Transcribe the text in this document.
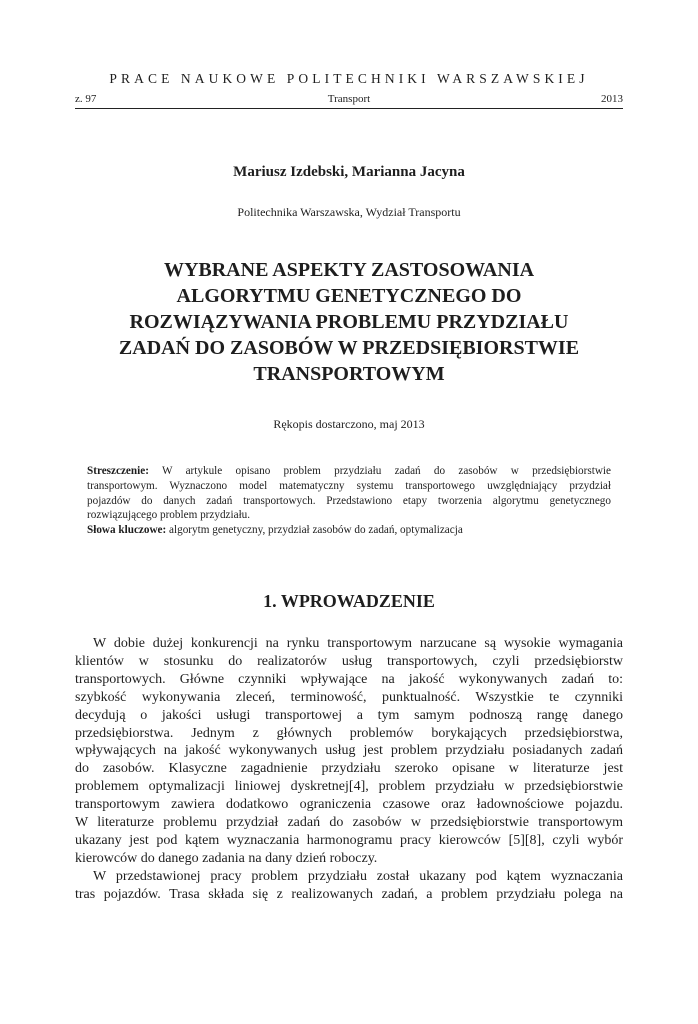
PRACE NAUKOWE POLITECHNIKI WARSZAWSKIEJ
z. 97	Transport	2013
Mariusz Izdebski, Marianna Jacyna
Politechnika Warszawska, Wydział Transportu
WYBRANE ASPEKTY ZASTOSOWANIA
ALGORYTMU GENETYCZNEGO DO
ROZWIĄZYWANIA PROBLEMU PRZYDZIAŁU
ZADAŃ DO ZASOBÓW W PRZEDSIĘBIORSTWIE
TRANSPORTOWYM
Rękopis dostarczono, maj 2013
Streszczenie: W artykule opisano problem przydziału zadań do zasobów w przedsiębiorstwie
transportowym. Wyznaczono model matematyczny systemu transportowego uwzględniający przydział
pojazdów do danych zadań transportowych. Przedstawiono etapy tworzenia algorytmu genetycznego
rozwiązującego problem przydziału.
Słowa kluczowe: algorytm genetyczny, przydział zasobów do zadań, optymalizacja
1. WPROWADZENIE
W dobie dużej konkurencji na rynku transportowym narzucane są wysokie wymagania
klientów w stosunku do realizatorów usług transportowych, czyli przedsiębiorstw
transportowych. Główne czynniki wpływające na jakość wykonywanych zadań to:
szybkość wykonywania zleceń, terminowość, punktualność. Wszystkie te czynniki
decydują o jakości usługi transportowej a tym samym podnoszą rangę danego
przedsiębiorstwa. Jednym z głównych problemów borykających przedsiębiorstwa,
wpływających na jakość wykonywanych usług jest problem przydziału posiadanych zadań
do zasobów. Klasyczne zagadnienie przydziału szeroko opisane w literaturze jest
problemem optymalizacji liniowej dyskretnej[4], problem przydziału w przedsiębiorstwie
transportowym zawiera dodatkowo ograniczenia czasowe oraz ładownościowe pojazdu.
W literaturze problemu przydział zadań do zasobów w przedsiębiorstwie transportowym
ukazany jest pod kątem wyznaczania harmonogramu pracy kierowców [5][8], czyli wybór
kierowców do danego zadania na dany dzień roboczy.
W przedstawionej pracy problem przydziału został ukazany pod kątem wyznaczania
tras pojazdów. Trasa składa się z realizowanych zadań, a problem przydziału polega na
